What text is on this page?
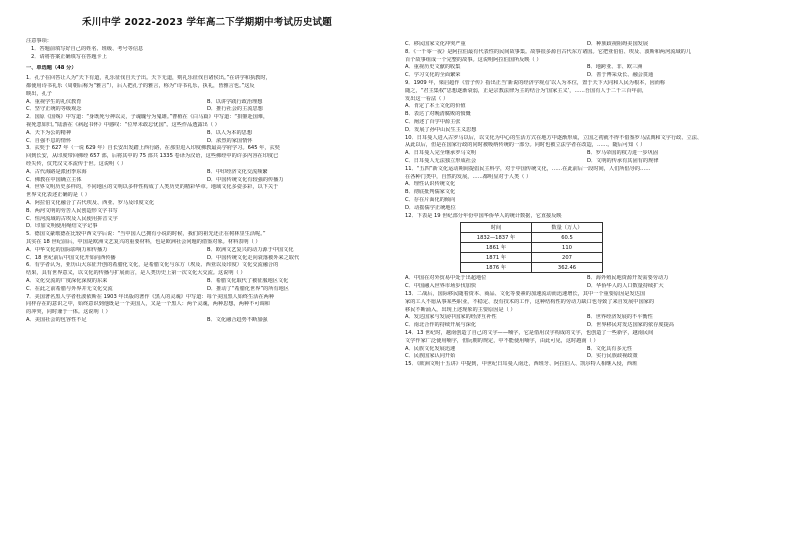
禾川中学 2022-2023 学年高二下学期期中考试历史试题
注意事项：
1．答题前填写好自己的姓名、班级、考号等信息
2．请将答案正确填写在答题卡上
一、单选题（48 分）
1．孔子在回答让人为“天下有道，礼乐征伐自天子出。天下无道，则礼乐征伐自诸侯出。”在讲学和执教时，
都使用诗书礼乐（周朝后称为“雅言”），后人把孔子的雅言，称为“诗书礼乐，执礼，皆雅言也。”这反
映出，孔子
A．重视学生的礼仪教育	B．以讲学践行政治理想
C．坚守正统的等级观念	D．推行社会的主流思想
2．国原《国殇》中写道：“身既死兮神以灵，子魂魄兮为鬼雄。”曹植在《白马篇》中写道：“捐躯赴国难，
视死忽如归。”陆游在《病起书怀》中感叹：“位卑未敢忘忧国”。这些作品透露出（ ）
A．天下为公的精神	B．以人为本的思想
C．自强不息的情怀	D．浓烈的家国情怀
3．玄奘于 627 年（一说 629 年）自长安出发踏上西行路，在那里进入印度佛教最高学府学习。645 年，玄奘
回到长安，从印度带回佛经 657 部，后将其中的 75 部共 1335 卷译为汉语，这些佛经中的许多内容在印度已
经失传，仅凭汉文本流传于世。这说明（ ）
A．古代海路是派团季东海	B．中印经济文化交流频繁
C．佛教在中国确立主体	D．中国传统文化有较强的传播力
4．世界文明历史多样的，不同地区的文明以多样性构成了人类历史的精彩华章。地域文化多姿多彩，以下关于
世界文化表述正确的是（ ）
A．阿拉伯文化融合了古代埃及、西亚、罗马及印度文化
B．两河文明的劳苦人民创造形文字书写
C．恒河流域的古埃及人民使用拼音文字
D．印加文明使用绳结文字记事
5．德国文豪歌德在比较中西文学后说：“当中国人已拥有小说的时候，我们的祖先还正在树林里生活呢。”
其实在 18 世纪前后，中国是欧洲文艺复兴的重要材料，也是欧洲社会问题的借鉴对象。材料表明（ ）
A．中华文化的国际影响力和传播力	B．欧洲文艺复兴的动力源于中国文化
C．18 世纪前后中国文化开始向西传播	D．中国传统文化走向衰落被外来之取代
6．有学者认为，亚历山大东征开创的希腊化文化，是希腊文化与东方（埃及、西亚以及印度）文化交流融合的
结果，具有世界意义，以文化的传播与扩展而言，是人类历史上第一次文化大交流。这说明（ ）
A．文化交流的广度深化深度的东来	B．希腊文化取代了被征服地区文化
C．在此之前希腊与外界并无文化交流	D．推动了“希腊化世界”的所有地区
7．美国著名黑人学者杜波依斯在 1903 年出版的著作《黑人的灵魂》中写道：每个美国黑人始终生活在两种
同样存在的意识之中，始终意识到他既是一个美国人，又是一个黑人：两个灵魂，两种思想，两种不可调和
的冲突，同时兼于一体。这说明（ ）
A．美国社会的包容性不足	B．文化融合趋势不断加强
C．移民国家文化冲突严重	D．种族歧视阻碍美国发展
8．《一千零一夜》是阿拉伯最有代表性的民间故事集。故事很多源自古代东方诸国。它把亚伯伯、埃及、波斯和两河流域的几
百个故事组成一个完整的故事。这说明阿拉伯国所反映（ ）
A．重视历史文献的收集	B．地跨亚、非、欧三洲
C．学习文化的全面繁荣	D．善于博采众长、融会贯通
9．1909 年，梁启超作《管子传》指出正当‘新说的经济学观点’以人为本位，置于天下大同和人民为根本，因而称
随之，“君主集权”思想逐渐衰弱，正是宗教法律为主的结合为‘国家主义’，……吾国有人于二千三百年前，
发出这一看法（ ）
A．肯定了本土文化的价值
B．表达了对晚清腐败的愤慨
C．阐述了百学中源主张
D．发展了孙中山民生主义思想
10．日耳曼人进入古罗马以后，以文化为中心的生活方式在地方中逐渐形成，立国之初就不得不借鉴罗马法典和文字行政、立法、
从此以后，但是在国家行政的同时被吸纳传统的一部分。同时也被立法学者在改造，……。随后可知（ ）
A．日耳曼人完全继承罗马文明	B．罗马帝国的权力进一步巩固
C．日耳曼人无法独立形成社会	D．文明的传承有其固有的规律
11．“五四”新文化运动期间提倡民主科学，对于中国传统文化，……在此前后一段时间，人们所倡导的……
在各种门类中，自然的发展，……都明显对于人类（ ）
A．理性认识传统文化
B．彻底批判儒家文化
C．存在片面化的倾向
D．动摇儒学正统地位
12．下表是 19 世纪部分年份中国华侨华人的统计数据，它直接反映
时间	数量（万人）
1832—1837 年	60.5
1861 年	110
1871 年	207
1876 年	362.46
A．中国在对外贸易中处于出超地位	B．海外殖民地资源开发需要劳动力
C．中国融入世界市场步伐加快	D．华侨华人的人口数量持续扩大
13．二战后，国际移民随着资本、商品、文化等要素的加速流动而迅速增长，其中一个重要原因是发达国
家的工人不愿从事某些职业，不稳定、没有技术的工作，这种结构性的劳动力缺口也导致了来自发展中国家的
移民不断涌入，出现上述现象的主要原因是（ ）
A．发达国家与发展中国家的经济互补性	B．世界经济发展的不平衡性
C．南北合作的持续开展与深化	D．世界移民对发达国家的依存度提高
14．13 世纪时，越南创造了自己的文字——喃字，它是借用汉字构成的文字，也创造了一些新字，越南民间
文学作家广泛使用喃字，但阮朝的规定，中不能使用喃字，由此可见，这时越南（ ）
A．民族文化发展迅速	B．文化具有多元性
C．民族国家认同开始	D．实行民族歧视政策
15．《欧洲文明十五讲》中提到，中世纪日耳曼人南迁，西班牙、阿拉伯人、凯尔特人相继入侵，西班
